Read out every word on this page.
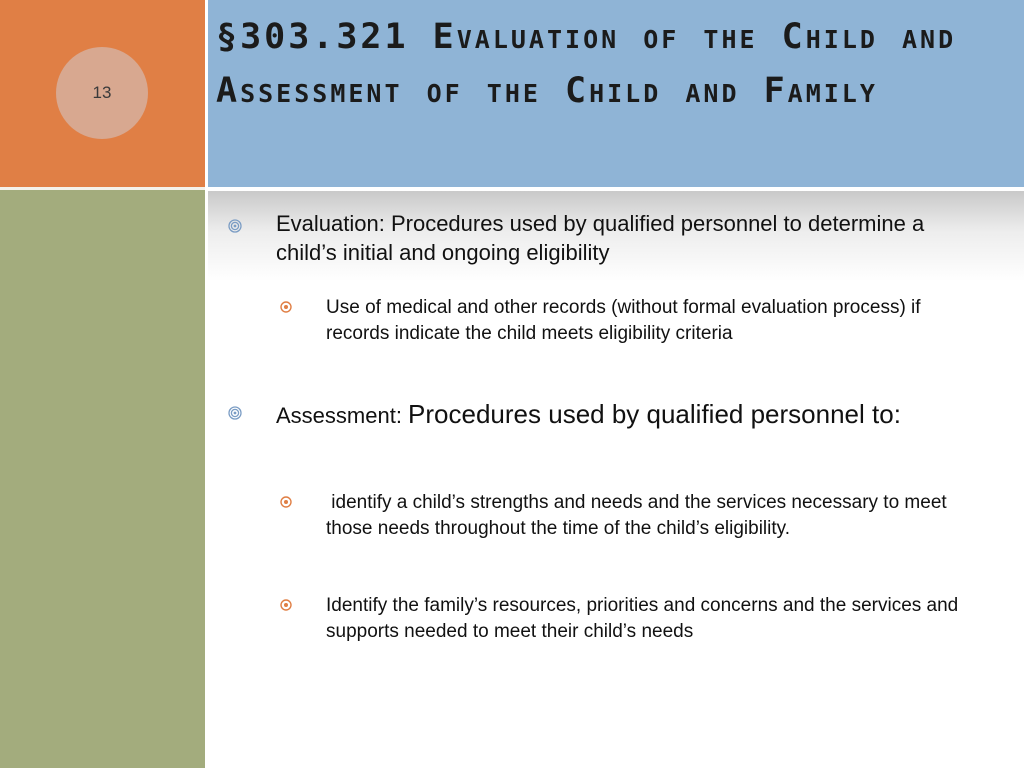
13
§303.321 Evaluation of the Child and Assessment of the Child and Family
Evaluation: Procedures used by qualified personnel to determine a child’s initial and ongoing eligibility
Use of medical and other records (without formal evaluation process) if records indicate the child meets eligibility criteria
Assessment: Procedures used by qualified personnel to:
identify a child’s strengths and needs and the services necessary to meet those needs throughout the time of the child’s eligibility.
Identify the family’s resources, priorities and concerns and the services and supports needed to meet their child’s needs
